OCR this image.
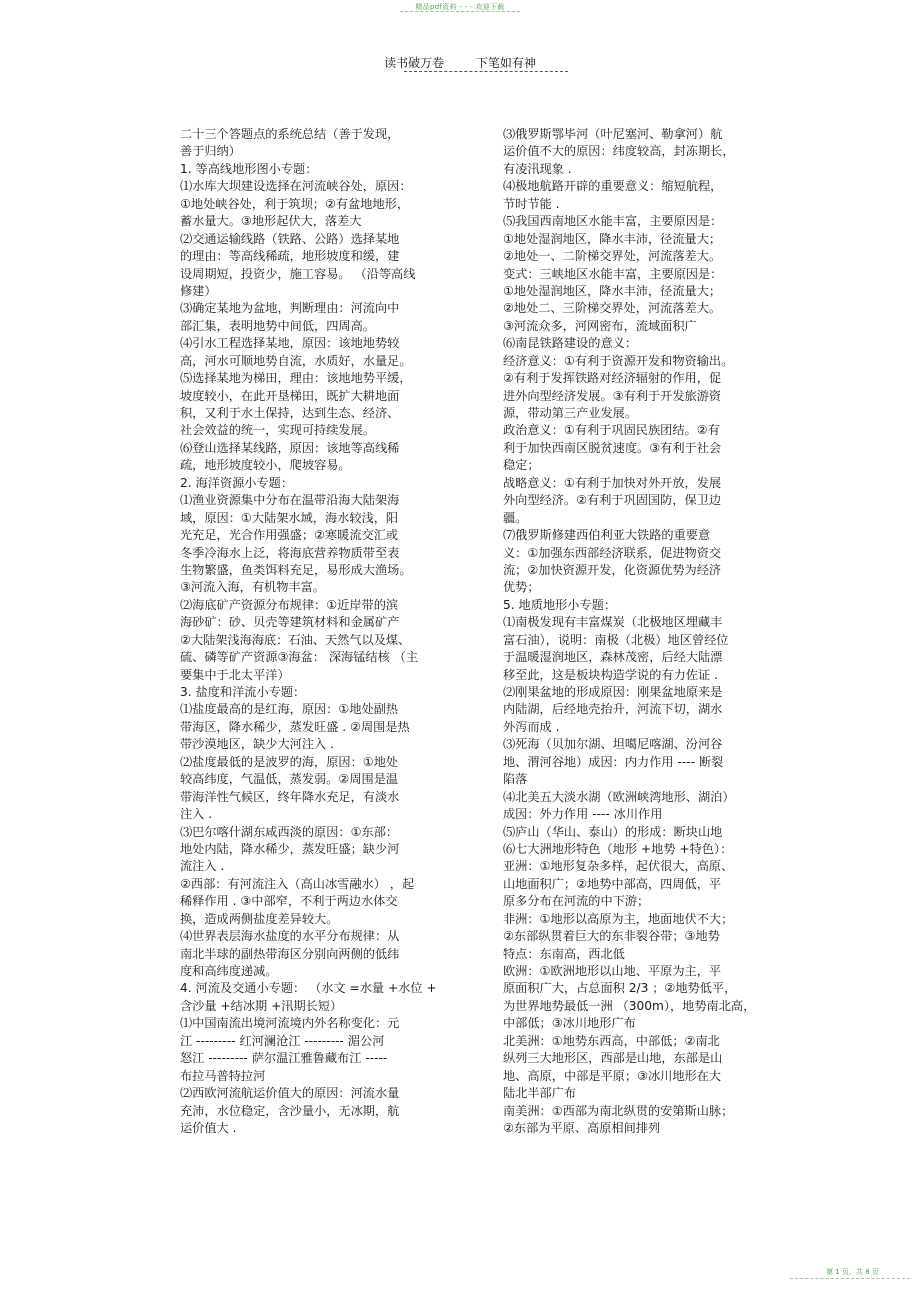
精品pdf资料 - - - 欢迎下载
读书破万卷	下笔如有神
二十三个答题点的系统总结（善于发现，
善于归纳）
1. 等高线地形图小专题：
⑴水库大坝建设选择在河流峡谷处，原因：
①地处峡谷处，利于筑坝；②有盆地地形，
蓄水量大。③地形起伏大，落差大
⑵交通运输线路（铁路、公路）选择某地
的理由：等高线稀疏，地形坡度和缓，建
设周期短，投资少，施工容易。 （沿等高线
修建）
⑶确定某地为盆地，判断理由：河流向中
部汇集，表明地势中间低，四周高。
⑷引水工程选择某地，原因：该地地势较
高，河水可顺地势自流，水质好，水量足。
⑸选择某地为梯田，理由：该地地势平缓，
坡度较小，在此开垦梯田，既扩大耕地面
积，又利于水土保持，达到生态、经济、
社会效益的统一，实现可持续发展。
⑹登山选择某线路，原因：该地等高线稀
疏，地形坡度较小，爬坡容易。
2. 海洋资源小专题：
⑴渔业资源集中分布在温带沿海大陆架海
域，原因：①大陆架水域，海水较浅，阳
光充足，光合作用强盛；②寒暖流交汇或
冬季冷海水上泛，将海底营养物质带至表
生物繁盛，鱼类饵料充足，易形成大渔场。
③河流入海，有机物丰富。
⑵海底矿产资源分布规律：①近岸带的滨
海砂矿：砂、贝壳等建筑材料和金属矿产
②大陆架浅海海底：石油、天然气以及煤、
硫、磷等矿产资源③海盆： 深海锰结核 （主
要集中于北太平洋）
3. 盐度和洋流小专题：
⑴盐度最高的是红海，原因：①地处副热
带海区，降水稀少，蒸发旺盛 . ②周围是热
带沙漠地区，缺少大河注入 .
⑵盐度最低的是波罗的海，原因：①地处
较高纬度，气温低，蒸发弱。②周围是温
带海洋性气候区，终年降水充足，有淡水
注入 .
⑶巴尔喀什湖东咸西淡的原因：①东部：
地处内陆，降水稀少，蒸发旺盛；缺少河
流注入 .
②西部：有河流注入（高山冰雪融水） ，起
稀释作用 . ③中部窄，不利于两边水体交
换，造成两侧盐度差异较大。
⑷世界表层海水盐度的水平分布规律：从
南北半球的副热带海区分别向两侧的低纬
度和高纬度递减。
4. 河流及交通小专题： （水文 =水量 +水位 +
含沙量 +结冰期 +汛期长短）
⑴中国南流出境河流境内外名称变化：元
江 --------- 红河澜沧江 --------- 湄公河
怒江 --------- 萨尔温江雅鲁藏布江 -----
布拉马普特拉河
⑵西欧河流航运价值大的原因：河流水量
充沛，水位稳定，含沙量小，无冰期，航
运价值大 .
⑶俄罗斯鄂毕河（叶尼塞河、勒拿河）航
运价值不大的原因：纬度较高，封冻期长，
有凌汛现象 .
⑷极地航路开辟的重要意义：缩短航程，
节时节能 .
⑸我国西南地区水能丰富，主要原因是：
①地处湿润地区，降水丰沛，径流量大；
②地处一、二阶梯交界处，河流落差大。
变式：三峡地区水能丰富，主要原因是：
①地处湿润地区，降水丰沛，径流量大；
②地处二、三阶梯交界处，河流落差大。
③河流众多，河网密布，流域面积广
⑹南昆铁路建设的意义：
经济意义：①有利于资源开发和物资输出。
②有利于发挥铁路对经济辐射的作用，促
进外向型经济发展。③有利于开发旅游资
源，带动第三产业发展。
政治意义：①有利于巩固民族团结。②有
利于加快西南区脱贫速度。③有利于社会
稳定；
战略意义：①有利于加快对外开放，发展
外向型经济。②有利于巩固国防，保卫边
疆。
⑺俄罗斯修建西伯利亚大铁路的重要意
义：①加强东西部经济联系，促进物资交
流；②加快资源开发，化资源优势为经济
优势；
5. 地质地形小专题：
⑴南极发现有丰富煤炭（北极地区埋藏丰
富石油），说明：南极（北极）地区曾经位
于温暖湿润地区，森林茂密，后经大陆漂
移至此，这是板块构造学说的有力佐证 .
⑵刚果盆地的形成原因：刚果盆地原来是
内陆湖，后经地壳抬升，河流下切，湖水
外泻而成 .
⑶死海（贝加尔湖、坦噶尼喀湖、汾河谷
地、渭河谷地）成因：内力作用 ---- 断裂
陷落
⑷北美五大淡水湖（欧洲峡湾地形、湖泊）
成因：外力作用 ---- 冰川作用
⑸庐山（华山、泰山）的形成：断块山地
⑹七大洲地形特色（地形 +地势 +特色）：
亚洲：①地形复杂多样，起伏很大，高原、
山地面积广；②地势中部高，四周低，平
原多分布在河流的中下游；
非洲：①地形以高原为主，地面地伏不大；
②东部纵贯着巨大的东非裂谷带；③地势
特点：东南高，西北低
欧洲：①欧洲地形以山地、平原为主，平
原面积广大，占总面积 2/3 ；②地势低平，
为世界地势最低一洲 （300m），地势南北高，
中部低；③冰川地形广布
北美洲：①地势东西高，中部低；②南北
纵列三大地形区，西部是山地，东部是山
地、高原，中部是平原；③冰川地形在大
陆北半部广布
南美洲：①西部为南北纵贯的安第斯山脉；
②东部为平原、高原相间排列
第 1 页，共 8 页
